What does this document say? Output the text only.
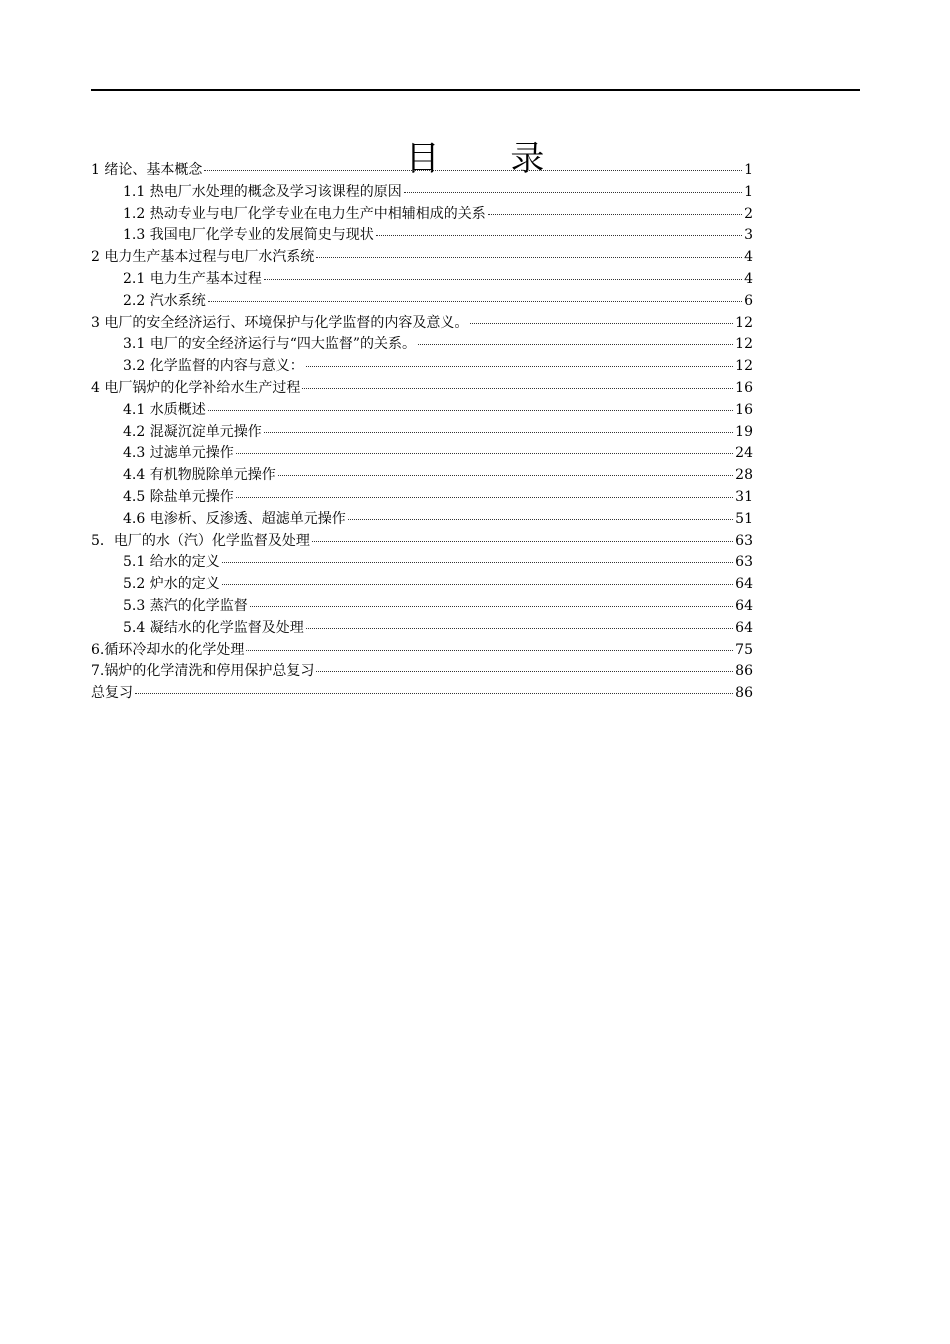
目 录
1 绪论、基本概念	1
1.1 热电厂水处理的概念及学习该课程的原因	1
1.2 热动专业与电厂化学专业在电力生产中相辅相成的关系	2
1.3 我国电厂化学专业的发展简史与现状	3
2 电力生产基本过程与电厂水汽系统	4
2.1 电力生产基本过程	4
2.2 汽水系统	6
3 电厂的安全经济运行、环境保护与化学监督的内容及意义。	12
3.1 电厂的安全经济运行与“四大监督”的关系。	12
3.2 化学监督的内容与意义：	12
4 电厂锅炉的化学补给水生产过程	16
4.1 水质概述	16
4.2 混凝沉淀单元操作	19
4.3 过滤单元操作	24
4.4 有机物脱除单元操作	28
4.5 除盐单元操作	31
4.6 电渗析、反渗透、超滤单元操作	51
5．电厂的水（汽）化学监督及处理	63
5.1 给水的定义	63
5.2 炉水的定义	64
5.3 蒸汽的化学监督	64
5.4 凝结水的化学监督及处理	64
6.循环冷却水的化学处理	75
7.锅炉的化学清洗和停用保护总复习	86
总复习	86
